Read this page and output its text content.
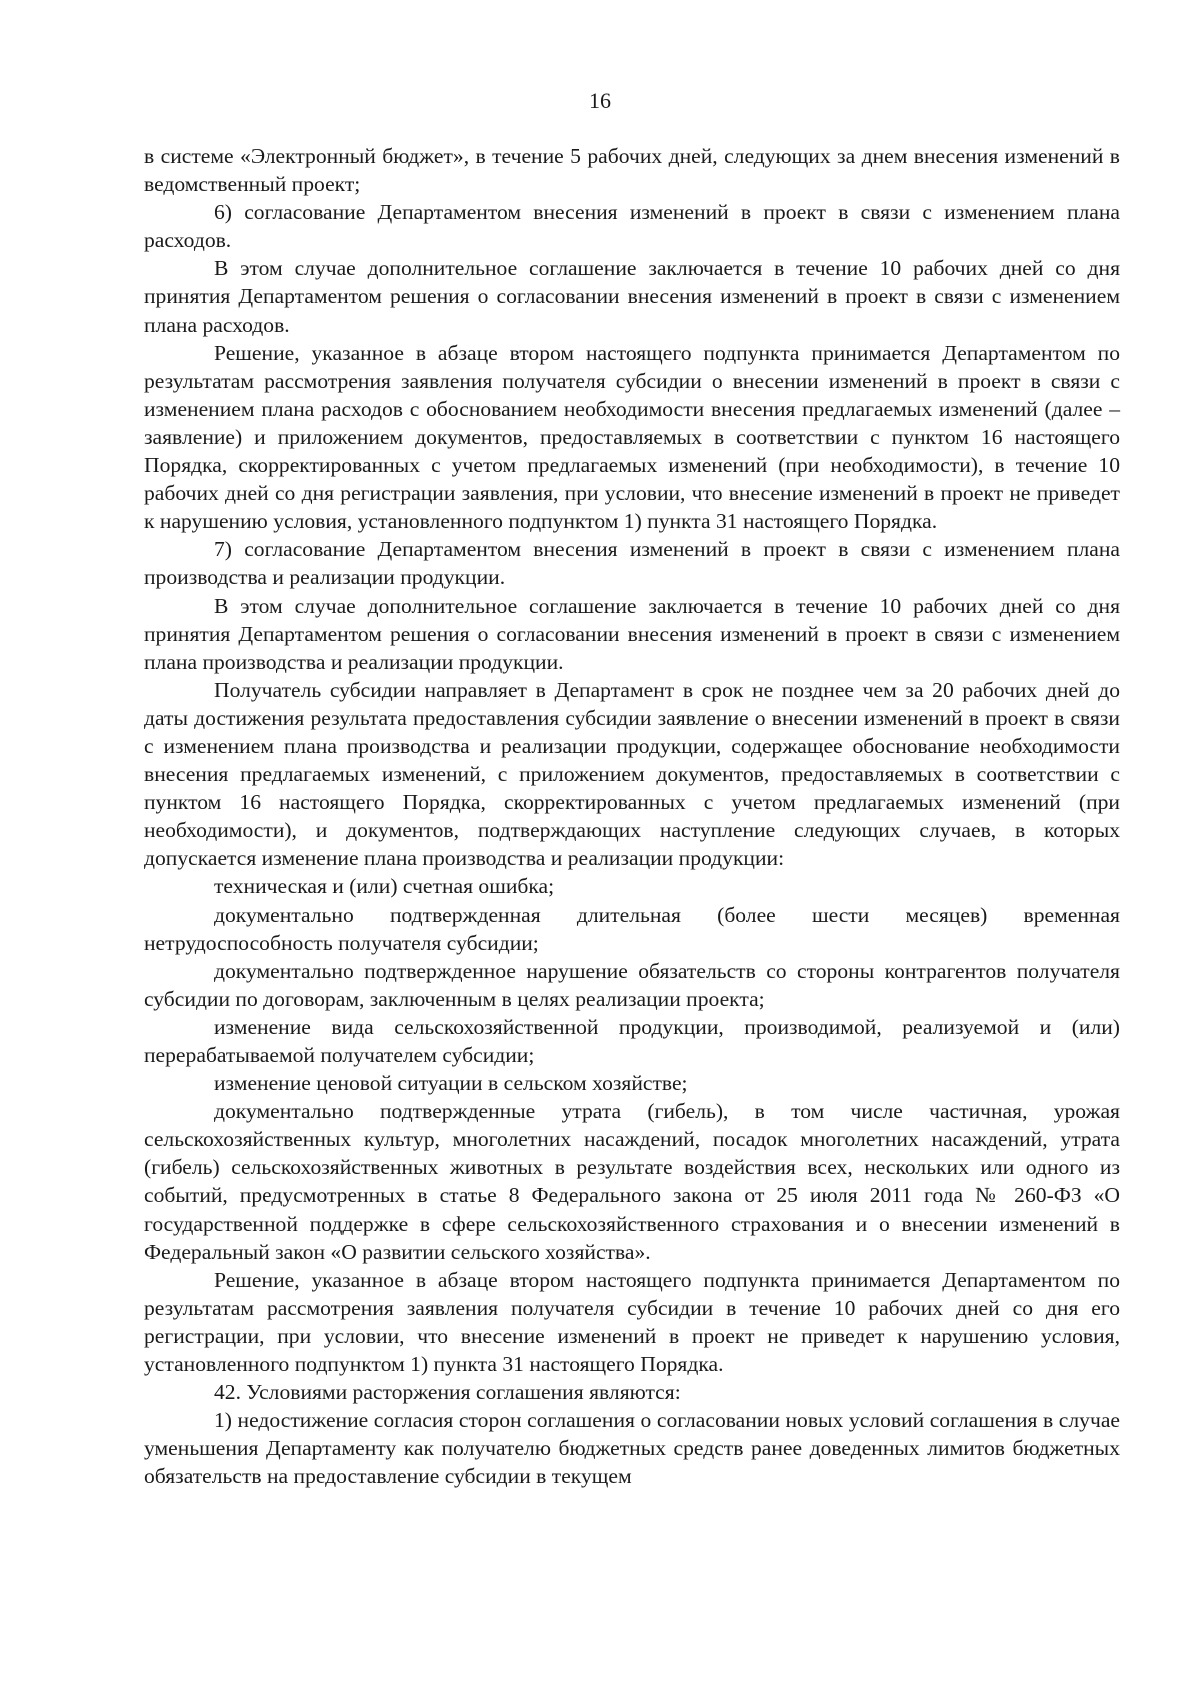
16

в системе «Электронный бюджет», в течение 5 рабочих дней, следующих за днем внесения изменений в ведомственный проект;

6) согласование Департаментом внесения изменений в проект в связи с изменением плана расходов.

В этом случае дополнительное соглашение заключается в течение 10 рабочих дней со дня принятия Департаментом решения о согласовании внесения изменений в проект в связи с изменением плана расходов.

Решение, указанное в абзаце втором настоящего подпункта принимается Департаментом по результатам рассмотрения заявления получателя субсидии о внесении изменений в проект в связи с изменением плана расходов с обоснованием необходимости внесения предлагаемых изменений (далее – заявление) и приложением документов, предоставляемых в соответствии с пунктом 16 настоящего Порядка, скорректированных с учетом предлагаемых изменений (при необходимости), в течение 10 рабочих дней со дня регистрации заявления, при условии, что внесение изменений в проект не приведет к нарушению условия, установленного подпунктом 1) пункта 31 настоящего Порядка.

7) согласование Департаментом внесения изменений в проект в связи с изменением плана производства и реализации продукции.

В этом случае дополнительное соглашение заключается в течение 10 рабочих дней со дня принятия Департаментом решения о согласовании внесения изменений в проект в связи с изменением плана производства и реализации продукции.

Получатель субсидии направляет в Департамент в срок не позднее чем за 20 рабочих дней до даты достижения результата предоставления субсидии заявление о внесении изменений в проект в связи с изменением плана производства и реализации продукции, содержащее обоснование необходимости внесения предлагаемых изменений, с приложением документов, предоставляемых в соответствии с пунктом 16 настоящего Порядка, скорректированных с учетом предлагаемых изменений (при необходимости), и документов, подтверждающих наступление следующих случаев, в которых допускается изменение плана производства и реализации продукции:

техническая и (или) счетная ошибка;

документально подтвержденная длительная (более шести месяцев) временная нетрудоспособность получателя субсидии;

документально подтвержденное нарушение обязательств со стороны контрагентов получателя субсидии по договорам, заключенным в целях реализации проекта;

изменение вида сельскохозяйственной продукции, производимой, реализуемой и (или) перерабатываемой получателем субсидии;

изменение ценовой ситуации в сельском хозяйстве;

документально подтвержденные утрата (гибель), в том числе частичная, урожая сельскохозяйственных культур, многолетних насаждений, посадок многолетних насаждений, утрата (гибель) сельскохозяйственных животных в результате воздействия всех, нескольких или одного из событий, предусмотренных в статье 8 Федерального закона от 25 июля 2011 года № 260-ФЗ «О государственной поддержке в сфере сельскохозяйственного страхования и о внесении изменений в Федеральный закон «О развитии сельского хозяйства».

Решение, указанное в абзаце втором настоящего подпункта принимается Департаментом по результатам рассмотрения заявления получателя субсидии в течение 10 рабочих дней со дня его регистрации, при условии, что внесение изменений в проект не приведет к нарушению условия, установленного подпунктом 1) пункта 31 настоящего Порядка.

42. Условиями расторжения соглашения являются:

1) недостижение согласия сторон соглашения о согласовании новых условий соглашения в случае уменьшения Департаменту как получателю бюджетных средств ранее доведенных лимитов бюджетных обязательств на предоставление субсидии в текущем
